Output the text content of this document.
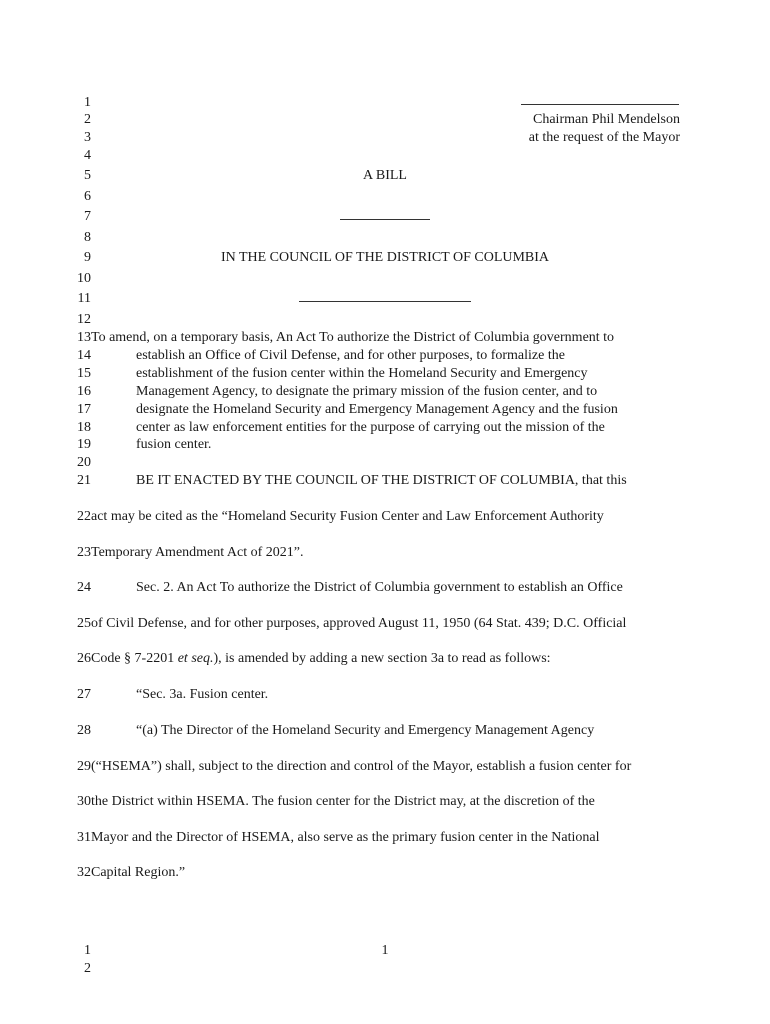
1
2	Chairman Phil Mendelson
3	at the request of the Mayor
4
5	A BILL
6
7
8
9	IN THE COUNCIL OF THE DISTRICT OF COLUMBIA
10
11
12
13 To amend, on a temporary basis, An Act To authorize the District of Columbia government to
14	establish an Office of Civil Defense, and for other purposes, to formalize the
15	establishment of the fusion center within the Homeland Security and Emergency
16	Management Agency, to designate the primary mission of the fusion center, and to
17	designate the Homeland Security and Emergency Management Agency and the fusion
18	center as law enforcement entities for the purpose of carrying out the mission of the
19	fusion center.
20
21	BE IT ENACTED BY THE COUNCIL OF THE DISTRICT OF COLUMBIA, that this
22 act may be cited as the “Homeland Security Fusion Center and Law Enforcement Authority
23 Temporary Amendment Act of 2021”.
24	Sec. 2. An Act To authorize the District of Columbia government to establish an Office
25 of Civil Defense, and for other purposes, approved August 11, 1950 (64 Stat. 439; D.C. Official
26 Code § 7-2201 et seq.), is amended by adding a new section 3a to read as follows:
27	“Sec. 3a. Fusion center.
28	“(a) The Director of the Homeland Security and Emergency Management Agency
29 (“HSEMA”) shall, subject to the direction and control of the Mayor, establish a fusion center for
30 the District within HSEMA. The fusion center for the District may, at the discretion of the
31 Mayor and the Director of HSEMA, also serve as the primary fusion center in the National
32 Capital Region.”
1	1
2
